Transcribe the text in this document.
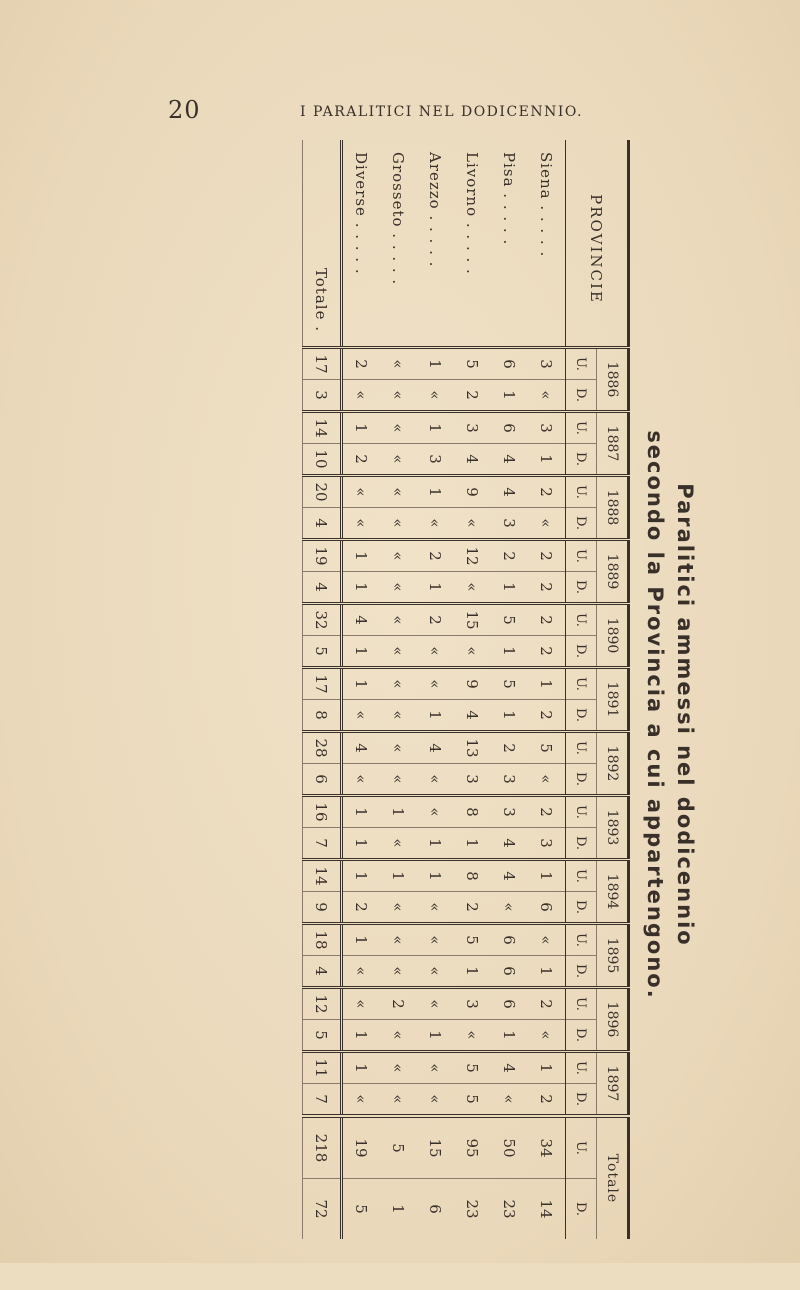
20	I PARALITICI NEL DODICENNIO.
Paralitici ammessi nel dodicennio
secondo la Provincia a cui appartengono.
PROVINCIE	1886		1887		1888		1889		1890		1891		1892		1893		1894		1895		1896		1897		Totale	
	U.	D.	U.	D.	U.	D.	U.	D.	U.	D.	U.	D.	U.	D.	U.	D.	U.	D.	U.	D.	U.	D.	U.	D.	U.	D.
Siena . . . . .	3	«	3	1	2	«	2	2	2	2	1	2	5	«	2	3	1	6	«	1	2	«	1	2	34	14
Pisa . . . . .	6	1	6	4	4	3	2	1	5	1	5	1	2	3	3	4	4	«	6	6	6	1	4	«	50	23
Livorno . . . . .	5	2	3	4	9	«	12	«	15	«	9	4	13	3	8	1	8	2	5	1	3	«	5	5	95	23
Arezzo . . . . .	1	«	1	3	1	«	2	1	2	«	«	1	4	«	«	1	1	«	«	«	«	1	«	«	15	6
Grosseto . . . . .	«	«	«	«	«	«	«	«	«	«	«	«	«	«	1	«	1	«	«	«	2	«	«	«	5	1
Diverse . . . . .	2	«	1	2	«	«	1	1	4	1	1	«	4	«	1	1	1	2	1	«	«	1	1	«	19	5
Totale .	17	3	14	10	20	4	19	4	32	5	17	8	28	6	16	7	14	9	18	4	12	5	11	7	218	72
